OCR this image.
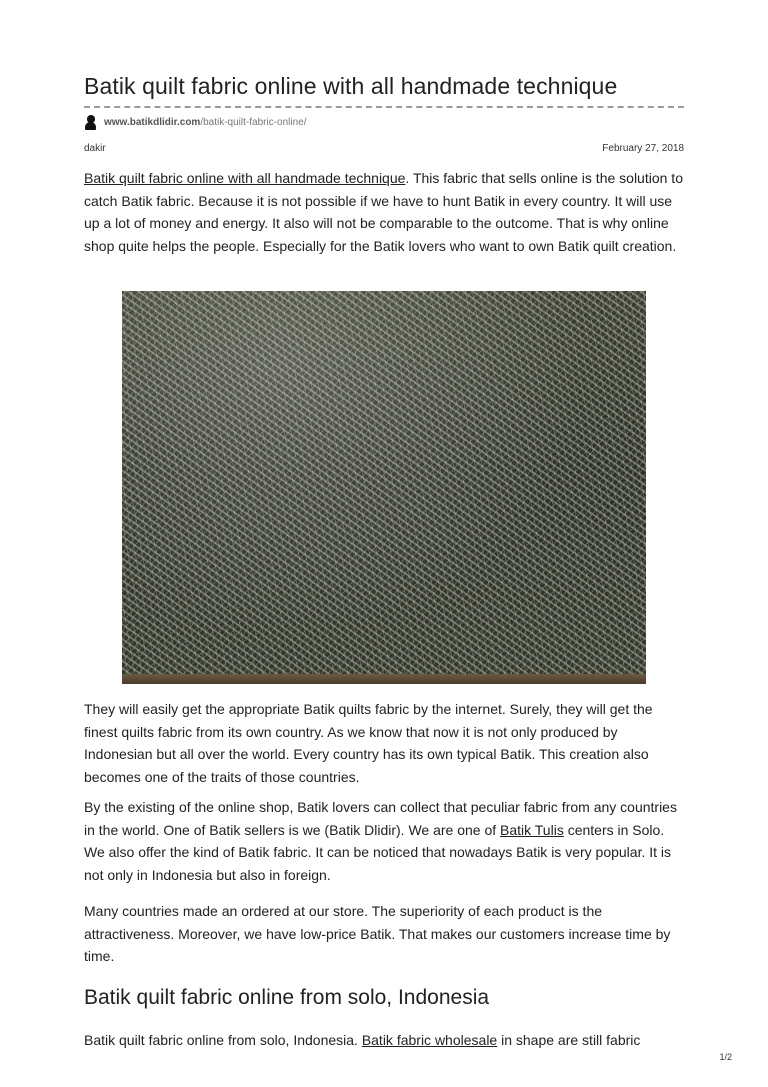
Batik quilt fabric online with all handmade technique
www.batikdlidir.com /batik-quilt-fabric-online/
dakir	February 27, 2018

Batik quilt fabric online with all handmade technique. This fabric that sells online is the solution to catch Batik fabric. Because it is not possible if we have to hunt Batik in every country. It will use up a lot of money and energy. It also will not be comparable to the outcome. That is why online shop quite helps the people. Especially for the Batik lovers who want to own Batik quilt creation.

They will easily get the appropriate Batik quilts fabric by the internet. Surely, they will get the finest quilts fabric from its own country. As we know that now it is not only produced by Indonesian but all over the world. Every country has its own typical Batik. This creation also becomes one of the traits of those countries.

By the existing of the online shop, Batik lovers can collect that peculiar fabric from any countries in the world. One of Batik sellers is we (Batik Dlidir). We are one of Batik Tulis centers in Solo. We also offer the kind of Batik fabric. It can be noticed that nowadays Batik is very popular. It is not only in Indonesia but also in foreign.

Many countries made an ordered at our store. The superiority of each product is the attractiveness. Moreover, we have low-price Batik. That makes our customers increase time by time.

Batik quilt fabric online from solo, Indonesia

Batik quilt fabric online from solo, Indonesia. Batik fabric wholesale in shape are still fabric

1/2
